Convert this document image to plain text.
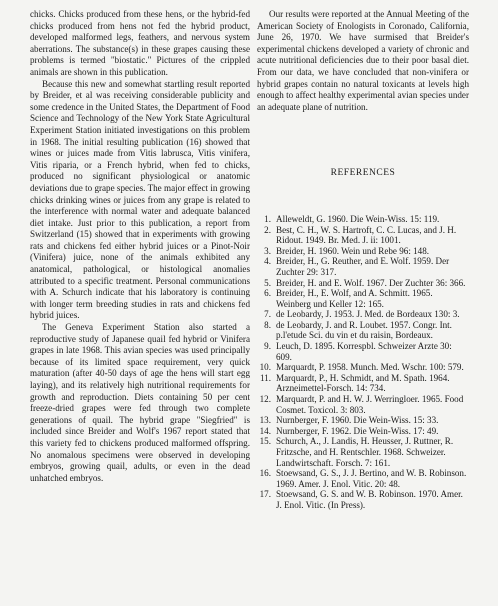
chicks. Chicks produced from these hens, or the hybrid-fed chicks produced from hens not fed the hybrid product, developed malformed legs, feathers, and nervous system aberrations. The substance(s) in these grapes causing these problems is termed "biostatic." Pictures of the crippled animals are shown in this publication.

Because this new and somewhat startling result reported by Breider, et al was receiving considerable publicity and some credence in the United States, the Department of Food Science and Technology of the New York State Agricultural Experiment Station initiated investigations on this problem in 1968. The initial resulting publication (16) showed that wines or juices made from Vitis labrusca, Vitis vinifera, Vitis riparia, or a French hybrid, when fed to chicks, produced no significant physiological or anatomic deviations due to grape species. The major effect in growing chicks drinking wines or juices from any grape is related to the interference with normal water and adequate balanced diet intake. Just prior to this publication, a report from Switzerland (15) showed that in experiments with growing rats and chickens fed either hybrid juices or a Pinot-Noir (Vinifera) juice, none of the animals exhibited any anatomical, pathological, or histological anomalies attributed to a specific treatment. Personal communications with A. Schurch indicate that his laboratory is continuing with longer term breeding studies in rats and chickens fed hybrid juices.

The Geneva Experiment Station also started a reproductive study of Japanese quail fed hybrid or Vinifera grapes in late 1968. This avian species was used principally because of its limited space requirement, very quick maturation (after 40-50 days of age the hens will start egg laying), and its relatively high nutritional requirements for growth and reproduction. Diets containing 50 per cent freeze-dried grapes were fed through two complete generations of quail. The hybrid grape "Siegfried" is included since Breider and Wolf's 1967 report stated that this variety fed to chickens produced malformed offspring. No anomalous specimens were observed in developing embryos, growing quail, adults, or even in the dead unhatched embryos.

Our results were reported at the Annual Meeting of the American Society of Enologists in Coronado, California, June 26, 1970. We have surmised that Breider's experimental chickens developed a variety of chronic and acute nutritional deficiencies due to their poor basal diet. From our data, we have concluded that non-vinifera or hybrid grapes contain no natural toxicants at levels high enough to affect healthy experimental avian species under an adequate plane of nutrition.

REFERENCES
1. Alleweldt, G. 1960. Die Wein-Wiss. 15: 119.
2. Best, C. H., W. S. Hartroft, C. C. Lucas, and J. H. Ridout. 1949. Br. Med. J. ii: 1001.
3. Breider, H. 1960. Wein und Rebe 96: 148.
4. Breider, H., G. Reuther, and E. Wolf. 1959. Der Zuchter 29: 317.
5. Breider, H. and E. Wolf. 1967. Der Zuchter 36: 366.
6. Breider, H., E. Wolf, and A. Schmitt. 1965. Weinberg und Keller 12: 165.
7. de Leobardy, J. 1953. J. Med. de Bordeaux 130: 3.
8. de Leobardy, J. and R. Loubet. 1957. Congr. Int. p.l'etude Sci. du vin et du raisin, Bordeaux.
9. Leuch, D. 1895. Korrespbl. Schweizer Arzte 30: 609.
10. Marquardt, P. 1958. Munch. Med. Wschr. 100: 579.
11. Marquardt, P., H. Schmidt, and M. Spath. 1964. Arzneimettel-Forsch. 14: 734.
12. Marquardt, P. and H. W. J. Werringloer. 1965. Food Cosmet. Toxicol. 3: 803.
13. Nurnberger, F. 1960. Die Wein-Wiss. 15: 33.
14. Nurnberger, F. 1962. Die Wein-Wiss. 17: 49.
15. Schurch, A., J. Landis, H. Heusser, J. Ruttner, R. Fritzsche, and H. Rentschler. 1968. Schweizer. Landwirtschaft. Forsch. 7: 161.
16. Stoewsand, G. S., J. J. Bertino, and W. B. Robinson. 1969. Amer. J. Enol. Vitic. 20: 48.
17. Stoewsand, G. S. and W. B. Robinson. 1970. Amer. J. Enol. Vitic. (In Press).
